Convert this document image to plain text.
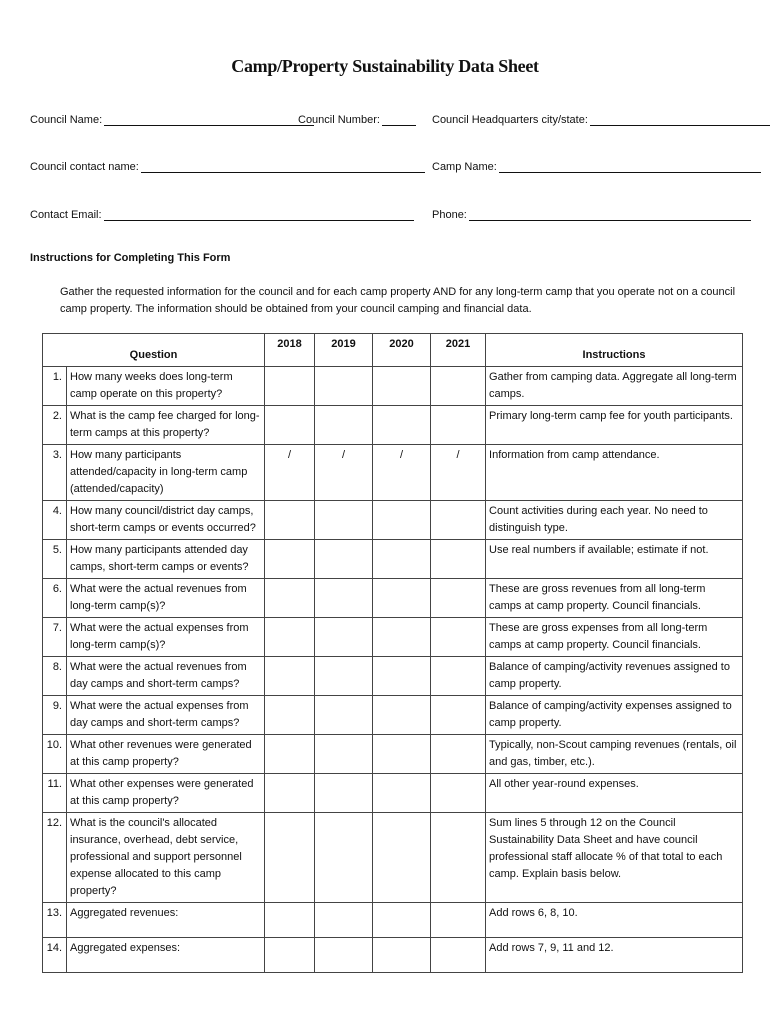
Camp/Property Sustainability Data Sheet
Council Name:	Council Number:	Council Headquarters city/state:
Council contact name:	Camp Name:
Contact Email:	Phone:
Instructions for Completing This Form
Gather the requested information for the council and for each camp property AND for any long-term camp that you operate not on a council camp property. The information should be obtained from your council camping and financial data.
Question		2018	2019	2020	2021	Instructions
1.	How many weeks does long-term camp operate on this property?					Gather from camping data. Aggregate all long-term camps.
2.	What is the camp fee charged for long-term camps at this property?					Primary long-term camp fee for youth participants.
3.	How many participants attended/capacity in long-term camp (attended/capacity)	/	/	/	/	Information from camp attendance.
4.	How many council/district day camps, short-term camps or events occurred?					Count activities during each year. No need to distinguish type.
5.	How many participants attended day camps, short-term camps or events?					Use real numbers if available; estimate if not.
6.	What were the actual revenues from long-term camp(s)?					These are gross revenues from all long-term camps at camp property. Council financials.
7.	What were the actual expenses from long-term camp(s)?					These are gross expenses from all long-term camps at camp property. Council financials.
8.	What were the actual revenues from day camps and short-term camps?					Balance of camping/activity revenues assigned to camp property.
9.	What were the actual expenses from day camps and short-term camps?					Balance of camping/activity expenses assigned to camp property.
10.	What other revenues were generated at this camp property?					Typically, non-Scout camping revenues (rentals, oil and gas, timber, etc.).
11.	What other expenses were generated at this camp property?					All other year-round expenses.
12.	What is the council's allocated insurance, overhead, debt service, professional and support personnel expense allocated to this camp property?					Sum lines 5 through 12 on the Council Sustainability Data Sheet and have council professional staff allocate % of that total to each camp. Explain basis below.
13.	Aggregated revenues:					Add rows 6, 8, 10.
14.	Aggregated expenses:					Add rows 7, 9, 11 and 12.
